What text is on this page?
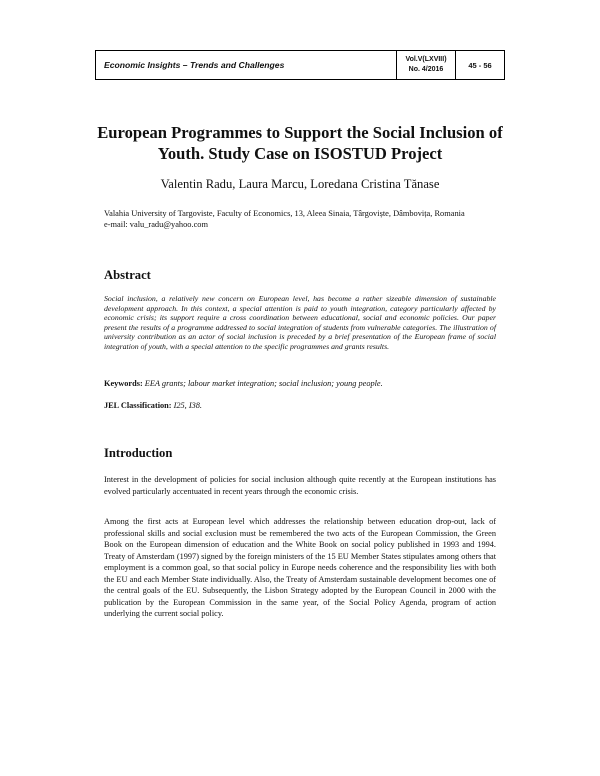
Economic Insights – Trends and Challenges
Vol.V(LXVIII)
No. 4/2016	45 - 56
European Programmes to Support the Social Inclusion of Youth. Study Case on ISOSTUD Project
Valentin Radu, Laura Marcu, Loredana Cristina Tănase
Valahia University of Targoviste, Faculty of Economics, 13, Aleea Sinaia, Târgoviște, Dâmbovița, Romania
e-mail: valu_radu@yahoo.com
Abstract
Social inclusion, a relatively new concern on European level, has become a rather sizeable dimension of sustainable development approach. In this context, a special attention is paid to youth integration, category particularly affected by economic crisis; its support require a cross coordination between educational, social and economic policies. Our paper present the results of a programme addressed to social integration of students from vulnerable categories. The illustration of university contribution as an actor of social inclusion is preceded by a brief presentation of the European frame of social integration of youth, with a special attention to the specific programmes and grants results.
Keywords: EEA grants; labour market integration; social inclusion; young people.
JEL Classification: I25, I38.
Introduction
Interest in the development of policies for social inclusion although quite recently at the European institutions has evolved particularly accentuated in recent years through the economic crisis.
Among the first acts at European level which addresses the relationship between education drop-out, lack of professional skills and social exclusion must be remembered the two acts of the European Commission, the Green Book on the European dimension of education and the White Book on social policy published in 1993 and 1994. Treaty of Amsterdam (1997) signed by the foreign ministers of the 15 EU Member States stipulates among others that employment is a common goal, so that social policy in Europe needs coherence and the responsibility lies with both the EU and each Member State individually. Also, the Treaty of Amsterdam sustainable development becomes one of the central goals of the EU. Subsequently, the Lisbon Strategy adopted by the European Council in 2000 with the publication by the European Commission in the same year, of the Social Policy Agenda, program of action underlying the current social policy.
